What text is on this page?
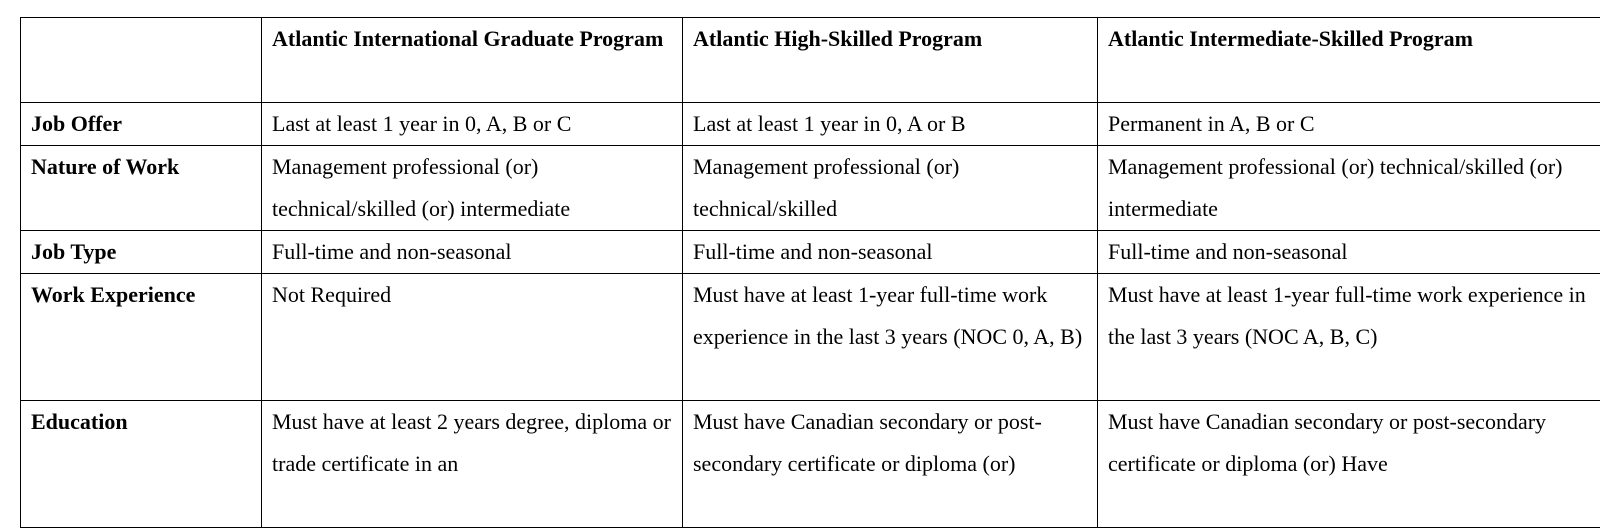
	Atlantic International Graduate Program	Atlantic High-Skilled Program	Atlantic Intermediate-Skilled Program
Job Offer	Last at least 1 year in 0, A, B or C	Last at least 1 year in 0, A or B	Permanent in A, B or C
Nature of Work	Management professional (or) technical/skilled (or) intermediate	Management professional (or) technical/skilled	Management professional (or) technical/skilled (or) intermediate
Job Type	Full-time and non-seasonal	Full-time and non-seasonal	Full-time and non-seasonal
Work Experience	Not Required	Must have at least 1-year full-time work experience in the last 3 years (NOC 0, A, B)	Must have at least 1-year full-time work experience in the last 3 years (NOC A, B, C)
Education	Must have at least 2 years degree, diploma or trade certificate in an	Must have Canadian secondary or post-secondary certificate or diploma (or)	Must have Canadian secondary or post-secondary certificate or diploma (or) Have
